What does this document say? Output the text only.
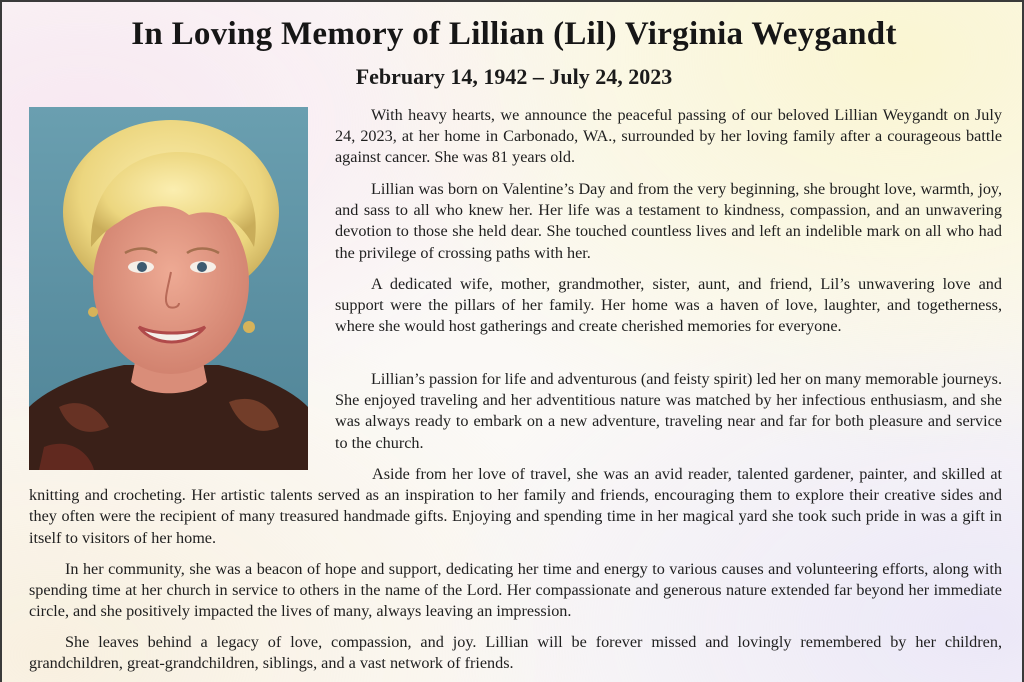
In Loving Memory of Lillian (Lil) Virginia Weygandt
February 14, 1942 – July 24, 2023

With heavy hearts, we announce the peaceful passing of our beloved Lillian Weygandt on July 24, 2023, at her home in Carbonado, WA., surrounded by her loving family after a courageous battle against cancer. She was 81 years old.

Lillian was born on Valentine’s Day and from the very beginning, she brought love, warmth, joy, and sass to all who knew her. Her life was a testament to kindness, compassion, and an unwavering devotion to those she held dear. She touched countless lives and left an indelible mark on all who had the privilege of crossing paths with her.

A dedicated wife, mother, grandmother, sister, aunt, and friend, Lil’s unwavering love and support were the pillars of her family. Her home was a haven of love, laughter, and togetherness, where she would host gatherings and create cherished memories for everyone.

Lillian’s passion for life and adventurous (and feisty spirit) led her on many memorable journeys. She enjoyed traveling and her adventitious nature was matched by her infectious enthusiasm, and she was always ready to embark on a new adventure, traveling near and far for both pleasure and service to the church.

Aside from her love of travel, she was an avid reader, talented gardener, painter, and skilled at knitting and crocheting. Her artistic talents served as an inspiration to her family and friends, encouraging them to explore their creative sides and they often were the recipient of many treasured handmade gifts. Enjoying and spending time in her magical yard she took such pride in was a gift in itself to visitors of her home.

In her community, she was a beacon of hope and support, dedicating her time and energy to various causes and volunteering efforts, along with spending time at her church in service to others in the name of the Lord. Her compassionate and generous nature extended far beyond her immediate circle, and she positively impacted the lives of many, always leaving an impression.

She leaves behind a legacy of love, compassion, and joy. Lillian will be forever missed and lovingly remembered by her children, grandchildren, great-grandchildren, siblings, and a vast network of friends.
